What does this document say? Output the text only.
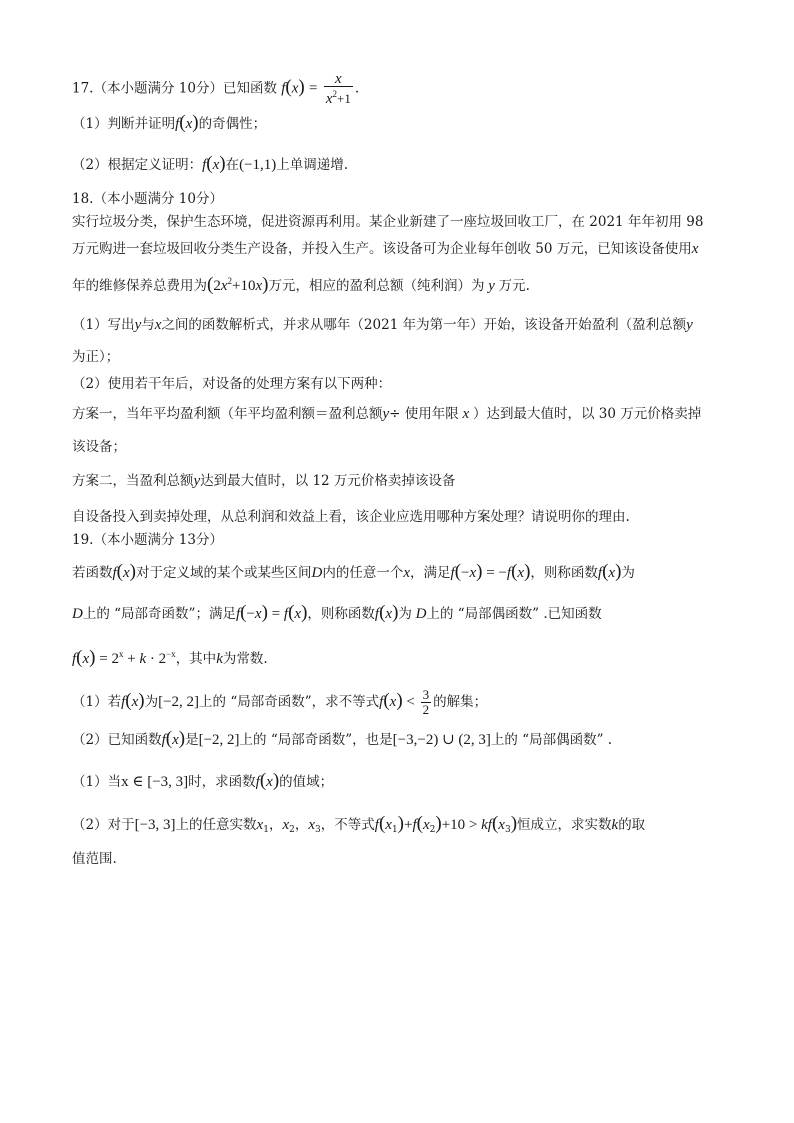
17.（本小题满分 10分）已知函数 $f(x) = \frac{x}{x^2+1}$ .
（1）判断并证明f(x)的奇偶性；
（2）根据定义证明：f(x)在(−1,1)上单调递增.
18.（本小题满分 10分）
实行垃圾分类，保护生态环境，促进资源再利用。某企业新建了一座垃圾回收工厂，在 2021 年年初用 98
万元购进一套垃圾回收分类生产设备，并投入生产。该设备可为企业每年创收 50 万元，已知该设备使用x
年的维修保养总费用为$(2x^2+10x)$万元，相应的盈利总额（纯利润）为 y 万元.
（1）写出y与x之间的函数解析式，并求从哪年（2021 年为第一年）开始，该设备开始盈利（盈利总额y
为正）；
（2）使用若干年后，对设备的处理方案有以下两种：
方案一，当年平均盈利额（年平均盈利额＝盈利总额y÷ 使用年限 x ）达到最大值时，以 30 万元价格卖掉
该设备；
方案二，当盈利总额y达到最大值时，以 12 万元价格卖掉该设备
自设备投入到卖掉处理，从总利润和效益上看，该企业应选用哪种方案处理？请说明你的理由.
19.（本小题满分 13分）
若函数f(x)对于定义域的某个或某些区间D内的任意一个x，满足f(−x) = −f(x)，则称函数f(x)为
D上的 “局部奇函数”；满足f(−x) = f(x)，则称函数f(x)为 D上的 “局部偶函数” .已知函数
$f(x) = 2^x + k \cdot 2^{-x}$，其中k为常数.
（1）若f(x)为[−2, 2]上的 “局部奇函数”，求不等式$f(x) < \frac{3}{2}$ 的解集；
（2）已知函数f(x)是[−2, 2]上的 “局部奇函数”，也是[−3,−2) ∪ (2, 3]上的 “局部偶函数” .
（1）当x ∈ [−3, 3]时，求函数f(x)的值域；
（2）对于[−3, 3]上的任意实数$x_1$，$x_2$，$x_3$，不等式$f(x_1)+f(x_2)+10 > kf(x_3)$恒成立，求实数k的取
值范围.
